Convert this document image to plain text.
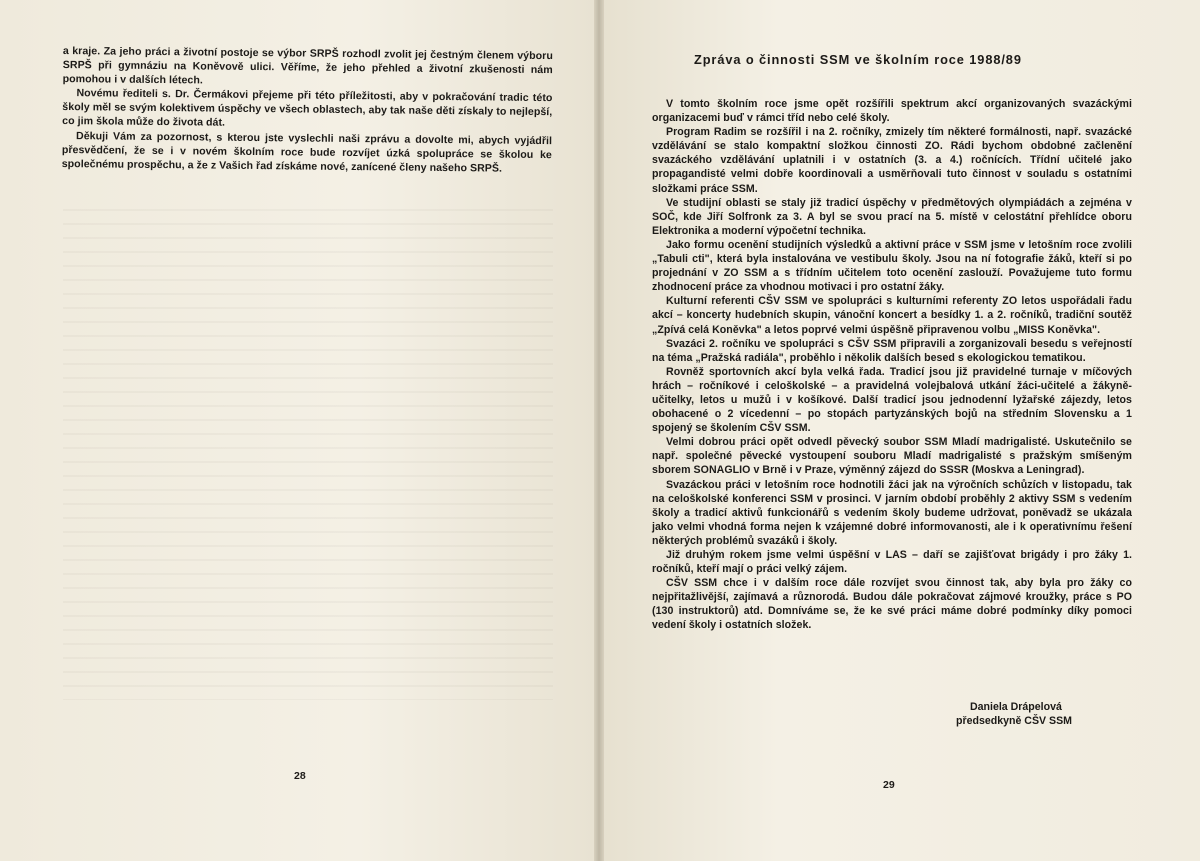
a kraje. Za jeho práci a životní postoje se výbor SRPŠ rozhodl zvolit jej čestným členem výboru SRPŠ při gymnáziu na Koněvově ulici. Věříme, že jeho přehled a životní zkušenosti nám pomohou i v dalších létech.

Novému řediteli s. Dr. Čermákovi přejeme při této příležitosti, aby v pokračování tradic této školy měl se svým kolektivem úspěchy ve všech oblastech, aby tak naše děti získaly to nejlepší, co jim škola může do života dát.

Děkuji Vám za pozornost, s kterou jste vyslechli naši zprávu a dovolte mi, abych vyjádřil přesvědčení, že se i v novém školním roce bude rozvíjet úzká spolupráce se školou ke společnému prospěchu, a že z Vašich řad získáme nové, zanícené členy našeho SRPŠ.

28
Zpráva o činnosti SSM ve školním roce 1988/89

V tomto školním roce jsme opět rozšířili spektrum akcí organizovaných svazáckými organizacemi buď v rámci tříd nebo celé školy.

Program Radim se rozšířil i na 2. ročníky, zmizely tím některé formálnosti, např. svazácké vzdělávání se stalo kompaktní složkou činnosti ZO. Rádi bychom obdobné začlenění svazáckého vzdělávání uplatnili i v ostatních (3. a 4.) ročnících. Třídní učitelé jako propagandisté velmi dobře koordinovali a usměrňovali tuto činnost v souladu s ostatními složkami práce SSM.

Ve studijní oblasti se staly již tradicí úspěchy v předmětových olympiádách a zejména v SOČ, kde Jiří Solfronk za 3. A byl se svou prací na 5. místě v celostátní přehlídce oboru Elektronika a moderní výpočetní technika.

Jako formu ocenění studijních výsledků a aktivní práce v SSM jsme v letošním roce zvolili „Tabuli cti", která byla instalována ve vestibulu školy. Jsou na ní fotografie žáků, kteří si po projednání v ZO SSM a s třídním učitelem toto ocenění zaslouží. Považujeme tuto formu zhodnocení práce za vhodnou motivaci i pro ostatní žáky.

Kulturní referenti CŠV SSM ve spolupráci s kulturními referenty ZO letos uspořádali řadu akcí – koncerty hudebních skupin, vánoční koncert a besídky 1. a 2. ročníků, tradiční soutěž „Zpívá celá Koněvka" a letos poprvé velmi úspěšně připravenou volbu „MISS Koněvka".

Svazáci 2. ročníku ve spolupráci s CŠV SSM připravili a zorganizovali besedu s veřejností na téma „Pražská radiála", proběhlo i několik dalších besed s ekologickou tematikou.

Rovněž sportovních akcí byla velká řada. Tradicí jsou již pravidelné turnaje v míčových hrách – ročníkové i celoškolské – a pravidelná volejbalová utkání žáci-učitelé a žákyně-učitelky, letos u mužů i v košíkové. Další tradicí jsou jednodenní lyžařské zájezdy, letos obohacené o 2 vícedenní – po stopách partyzánských bojů na středním Slovensku a 1 spojený se školením CŠV SSM.

Velmi dobrou práci opět odvedl pěvecký soubor SSM Mladí madrigalisté. Uskutečnilo se např. společné pěvecké vystoupení souboru Mladí madrigalisté s pražským smíšeným sborem SONAGLIO v Brně i v Praze, výměnný zájezd do SSSR (Moskva a Leningrad).

Svazáckou práci v letošním roce hodnotili žáci jak na výročních schůzích v listopadu, tak na celoškolské konferenci SSM v prosinci. V jarním období proběhly 2 aktivy SSM s vedením školy a tradicí aktivů funkcionářů s vedením školy budeme udržovat, poněvadž se ukázala jako velmi vhodná forma nejen k vzájemné dobré informovanosti, ale i k operativnímu řešení některých problémů svazáků i školy.

Již druhým rokem jsme velmi úspěšní v LAS – daří se zajišťovat brigády i pro žáky 1. ročníků, kteří mají o práci velký zájem.

CŠV SSM chce i v dalším roce dále rozvíjet svou činnost tak, aby byla pro žáky co nejpřitažlivější, zajímavá a různorodá. Budou dále pokračovat zájmové kroužky, práce s PO (130 instruktorů) atd. Domníváme se, že ke své práci máme dobré podmínky díky pomoci vedení školy i ostatních složek.

Daniela Drápelová
předsedkyně CŠV SSM
29
